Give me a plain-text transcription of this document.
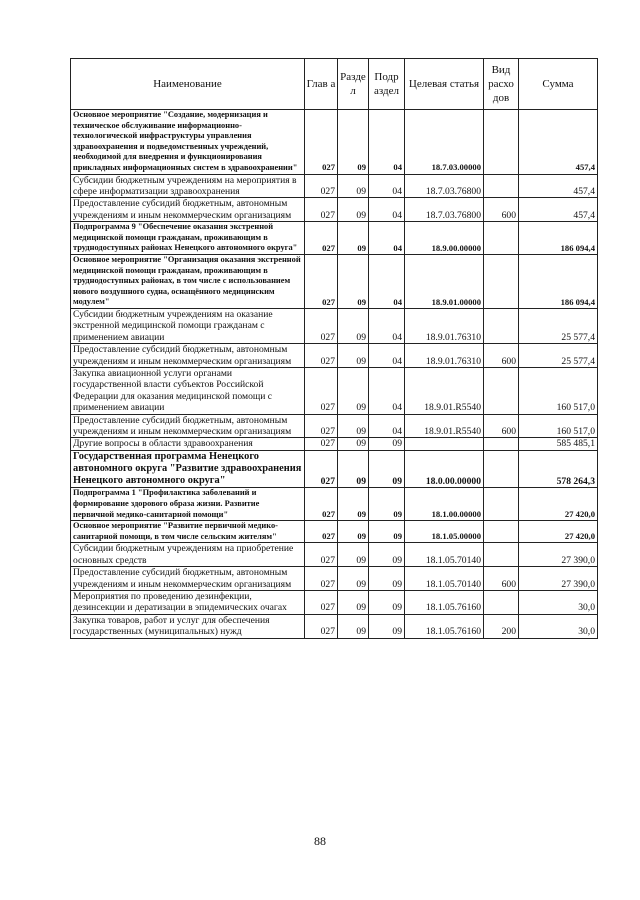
Наименование	Глав а	Разде л	Подр аздел	Целевая статья	Вид расхо дов	Сумма
Основное мероприятие "Создание, модернизация и техническое обслуживание информационно-технологической инфраструктуры управления здравоохранения и подведомственных учреждений, необходимой для внедрения и функционирования прикладных информационных систем в здравоохранении"	027	09	04	18.7.03.00000		457,4
Субсидии бюджетным учреждениям на мероприятия в сфере информатизации здравоохранения	027	09	04	18.7.03.76800		457,4
Предоставление субсидий бюджетным, автономным учреждениям и иным некоммерческим организациям	027	09	04	18.7.03.76800	600	457,4
Подпрограмма 9 "Обеспечение оказания экстренной медицинской помощи гражданам, проживающим в труднодоступных районах Ненецкого автономного округа"	027	09	04	18.9.00.00000		186 094,4
Основное мероприятие "Организация оказания экстренной медицинской помощи гражданам, проживающим в труднодоступных районах, в том числе с использованием нового воздушного судна, оснащённого медицинским модулем"	027	09	04	18.9.01.00000		186 094,4
Субсидии бюджетным учреждениям на оказание экстренной медицинской помощи гражданам с применением авиации	027	09	04	18.9.01.76310		25 577,4
Предоставление субсидий бюджетным, автономным учреждениям и иным некоммерческим организациям	027	09	04	18.9.01.76310	600	25 577,4
Закупка авиационной услуги органами государственной власти субъектов Российской Федерации для оказания медицинской помощи с применением авиации	027	09	04	18.9.01.R5540		160 517,0
Предоставление субсидий бюджетным, автономным учреждениям и иным некоммерческим организациям	027	09	04	18.9.01.R5540	600	160 517,0
Другие вопросы в области здравоохранения	027	09	09			585 485,1
Государственная программа Ненецкого автономного округа "Развитие здравоохранения Ненецкого автономного округа"	027	09	09	18.0.00.00000		578 264,3
Подпрограмма 1 "Профилактика заболеваний и формирование здорового образа жизни. Развитие первичной медико-санитарной помощи"	027	09	09	18.1.00.00000		27 420,0
Основное мероприятие "Развитие первичной медико-санитарной помощи, в том числе сельским жителям"	027	09	09	18.1.05.00000		27 420,0
Субсидии бюджетным учреждениям на приобретение основных средств	027	09	09	18.1.05.70140		27 390,0
Предоставление субсидий бюджетным, автономным учреждениям и иным некоммерческим организациям	027	09	09	18.1.05.70140	600	27 390,0
Мероприятия по проведению дезинфекции, дезинсекции и дератизации в эпидемических очагах	027	09	09	18.1.05.76160		30,0
Закупка товаров, работ и услуг для обеспечения государственных (муниципальных) нужд	027	09	09	18.1.05.76160	200	30,0
88
